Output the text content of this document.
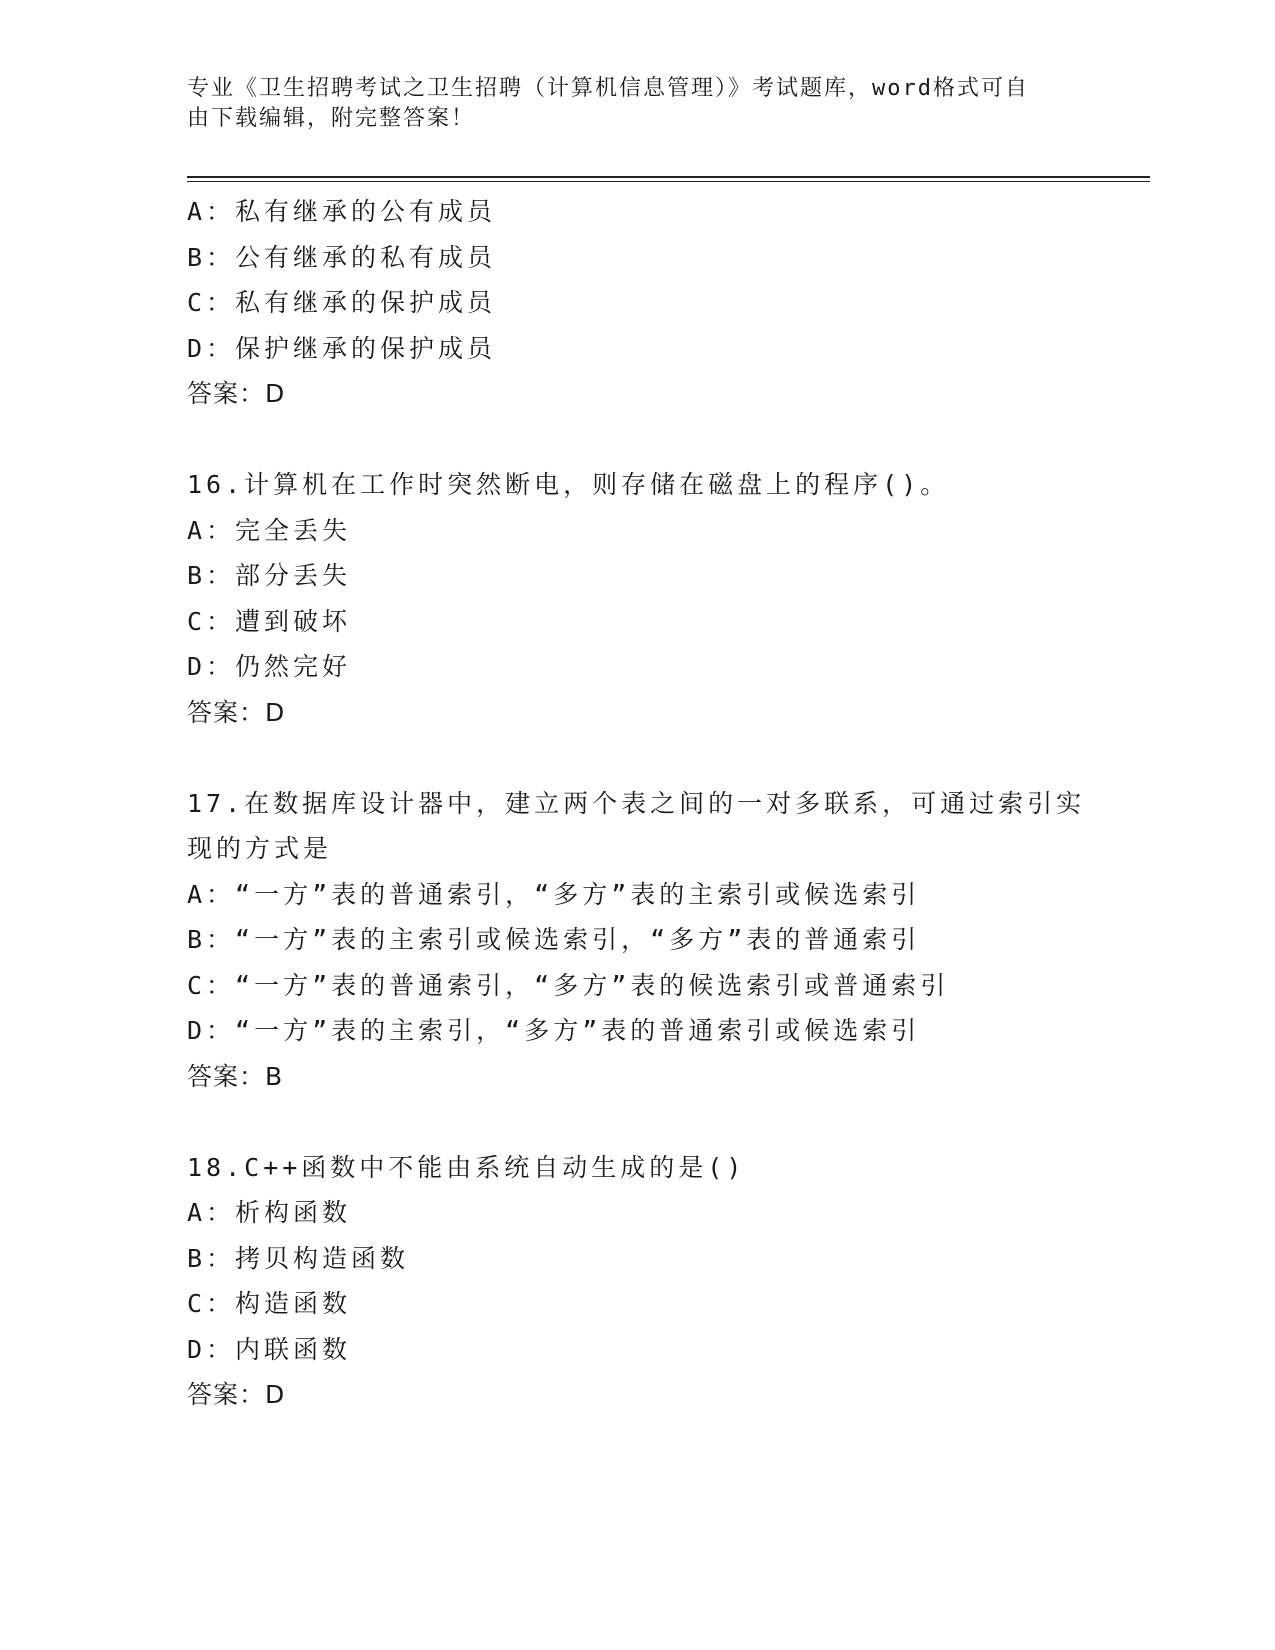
专业《卫生招聘考试之卫生招聘（计算机信息管理）》考试题库，word格式可自
由下载编辑，附完整答案！
A：私有继承的公有成员
B：公有继承的私有成员
C：私有继承的保护成员
D：保护继承的保护成员
答案：D
16.计算机在工作时突然断电，则存储在磁盘上的程序()。
A：完全丢失
B：部分丢失
C：遭到破坏
D：仍然完好
答案：D
17.在数据库设计器中，建立两个表之间的一对多联系，可通过索引实
现的方式是
A：“一方”表的普通索引，“多方”表的主索引或候选索引
B：“一方”表的主索引或候选索引，“多方”表的普通索引
C：“一方”表的普通索引，“多方”表的候选索引或普通索引
D：“一方”表的主索引，“多方”表的普通索引或候选索引
答案：B
18.C++函数中不能由系统自动生成的是()
A：析构函数
B：拷贝构造函数
C：构造函数
D：内联函数
答案：D
